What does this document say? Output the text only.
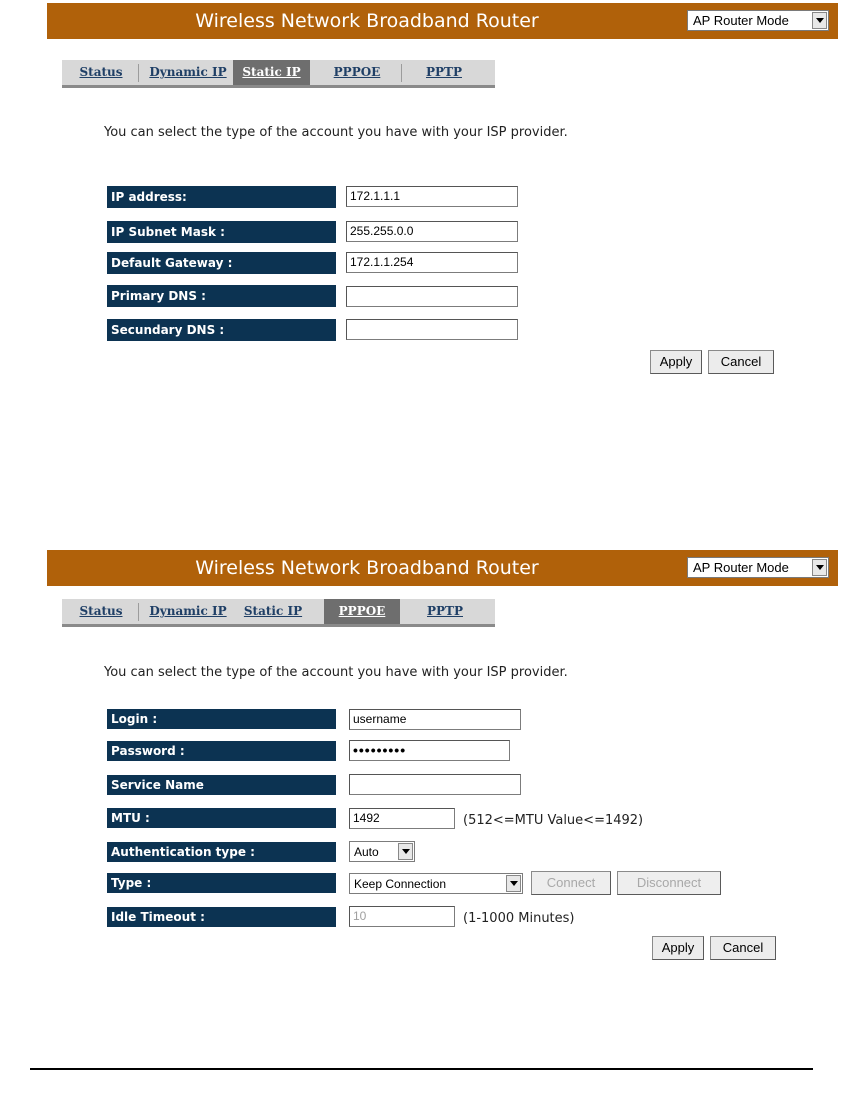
Wireless Network Broadband Router	AP Router Mode
Status	Dynamic IP	Static IP	PPPOE	PPTP
You can select the type of the account you have with your ISP provider.
IP address:	172.1.1.1
IP Subnet Mask :	255.255.0.0
Default Gateway :	172.1.1.254
Primary DNS :
Secundary DNS :
Apply	Cancel
Wireless Network Broadband Router	AP Router Mode
Status	Dynamic IP	Static IP	PPPOE	PPTP
You can select the type of the account you have with your ISP provider.
Login :	username
Password :	•••••••••
Service Name
MTU :	1492	(512<=MTU Value<=1492)
Authentication type :	Auto
Type :	Keep Connection	Connect	Disconnect
Idle Timeout :	10	(1-1000 Minutes)
Apply	Cancel
